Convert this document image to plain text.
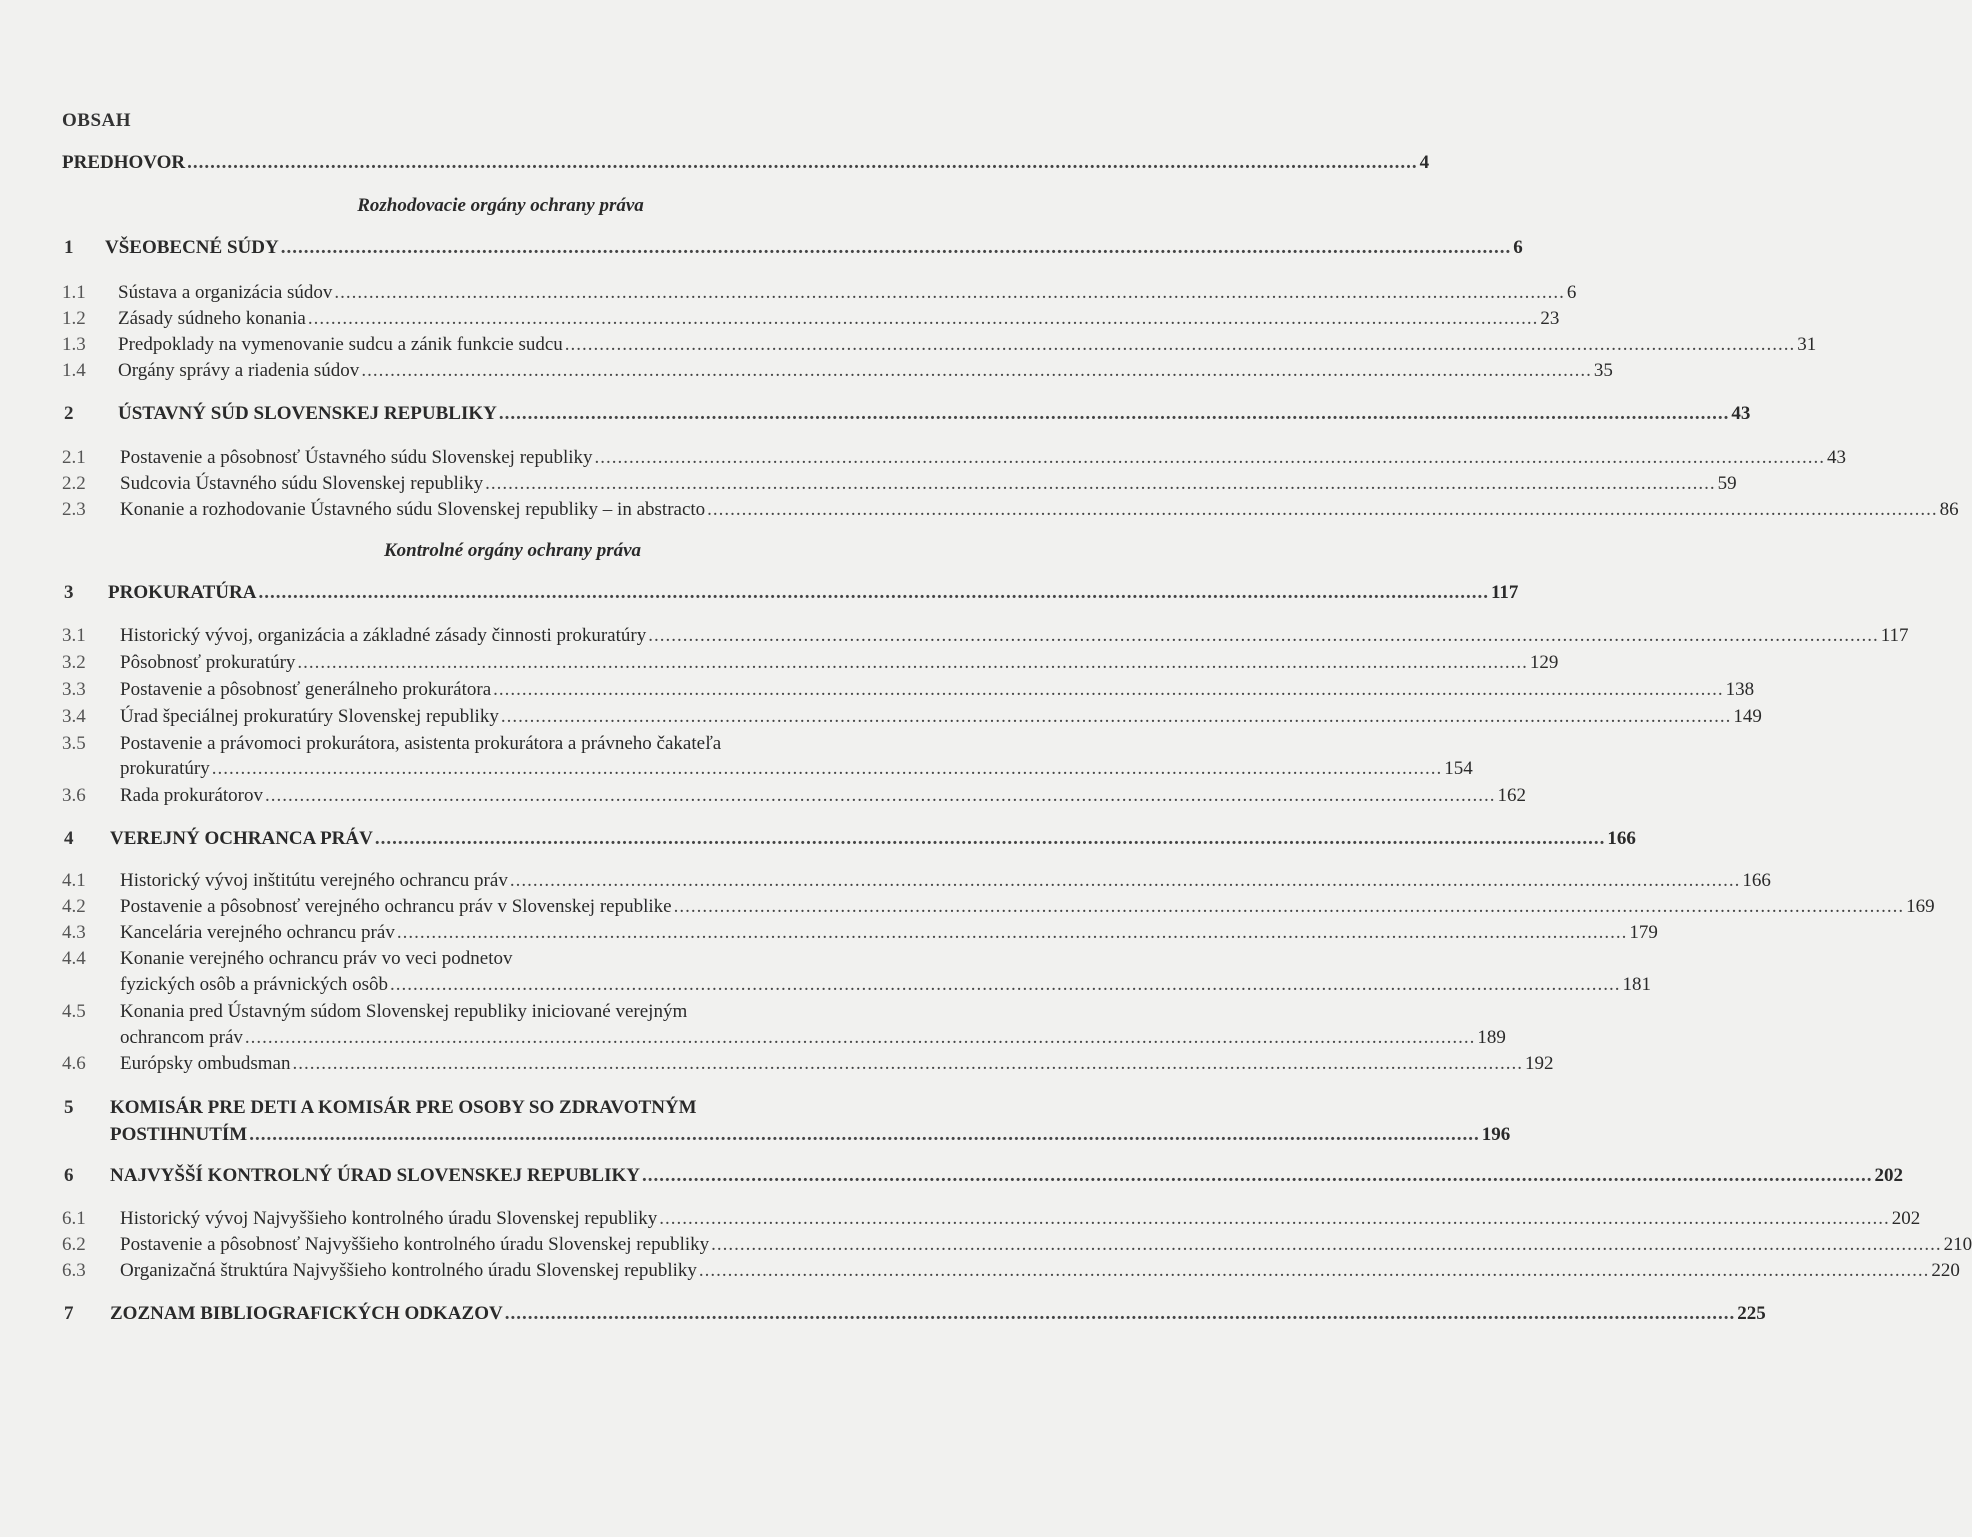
OBSAH
PREDHOVOR ...................................................................................................................................................................................................................... 4
Rozhodovacie orgány ochrany práva
1 VŠEOBECNÉ SÚDY ...................................................................................................................................................................................................................... 6
1.1 Sústava a organizácia súdov ...................................................................................................................................................................................................................... 6
1.2 Zásady súdneho konania ...................................................................................................................................................................................................................... 23
1.3 Predpoklady na vymenovanie sudcu a zánik funkcie sudcu ...................................................................................................................................................................................................................... 31
1.4 Orgány správy a riadenia súdov ...................................................................................................................................................................................................................... 35
2 ÚSTAVNÝ SÚD SLOVENSKEJ REPUBLIKY ...................................................................................................................................................................................................................... 43
2.1 Postavenie a pôsobnosť Ústavného súdu Slovenskej republiky ...................................................................................................................................................................................................................... 43
2.2 Sudcovia Ústavného súdu Slovenskej republiky ...................................................................................................................................................................................................................... 59
2.3 Konanie a rozhodovanie Ústavného súdu Slovenskej republiky – in abstracto ...................................................................................................................................................................................................................... 86
Kontrolné orgány ochrany práva
3 PROKURATÚRA ...................................................................................................................................................................................................................... 117
3.1 Historický vývoj, organizácia a základné zásady činnosti prokuratúry ...................................................................................................................................................................................................................... 117
3.2 Pôsobnosť prokuratúry ...................................................................................................................................................................................................................... 129
3.3 Postavenie a pôsobnosť generálneho prokurátora ...................................................................................................................................................................................................................... 138
3.4 Úrad špeciálnej prokuratúry Slovenskej republiky ...................................................................................................................................................................................................................... 149
3.5 Postavenie a právomoci prokurátora, asistenta prokurátora a právneho čakateľa
prokuratúry ...................................................................................................................................................................................................................... 154
3.6 Rada prokurátorov ...................................................................................................................................................................................................................... 162
4 VEREJNÝ OCHRANCA PRÁV ...................................................................................................................................................................................................................... 166
4.1 Historický vývoj inštitútu verejného ochrancu práv ...................................................................................................................................................................................................................... 166
4.2 Postavenie a pôsobnosť verejného ochrancu práv v Slovenskej republike ...................................................................................................................................................................................................................... 169
4.3 Kancelária verejného ochrancu práv ...................................................................................................................................................................................................................... 179
4.4 Konanie verejného ochrancu práv vo veci podnetov
fyzických osôb a právnických osôb ...................................................................................................................................................................................................................... 181
4.5 Konania pred Ústavným súdom Slovenskej republiky iniciované verejným
ochrancom práv ...................................................................................................................................................................................................................... 189
4.6 Európsky ombudsman ...................................................................................................................................................................................................................... 192
5 KOMISÁR PRE DETI A KOMISÁR PRE OSOBY SO ZDRAVOTNÝM
POSTIHNUTÍM ...................................................................................................................................................................................................................... 196
6 NAJVYŠŠÍ KONTROLNÝ ÚRAD SLOVENSKEJ REPUBLIKY ...................................................................................................................................................................................................................... 202
6.1 Historický vývoj Najvyššieho kontrolného úradu Slovenskej republiky ...................................................................................................................................................................................................................... 202
6.2 Postavenie a pôsobnosť Najvyššieho kontrolného úradu Slovenskej republiky ...................................................................................................................................................................................................................... 210
6.3 Organizačná štruktúra Najvyššieho kontrolného úradu Slovenskej republiky ...................................................................................................................................................................................................................... 220
7 ZOZNAM BIBLIOGRAFICKÝCH ODKAZOV ...................................................................................................................................................................................................................... 225
